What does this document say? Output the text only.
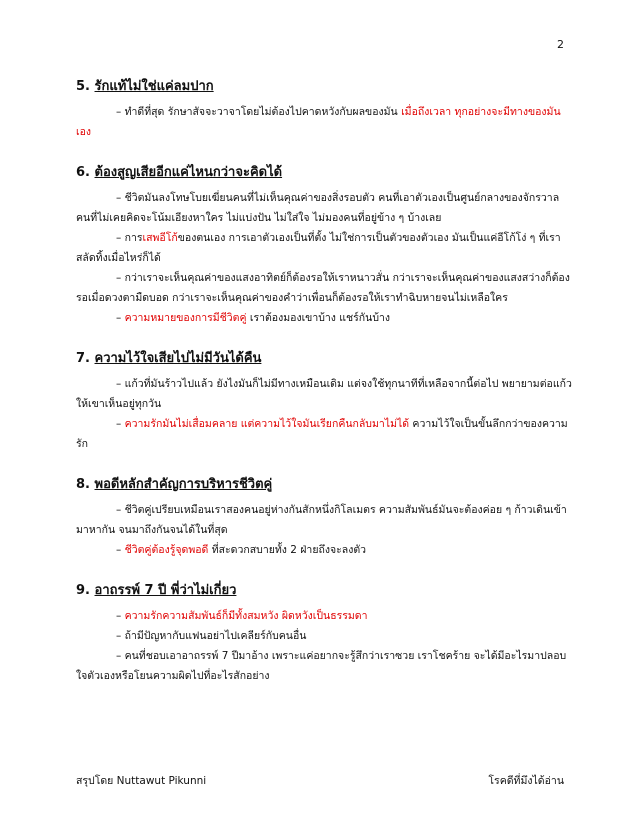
2
5. รักแท้ไม่ใช่แค่ลมปาก

– ทำดีที่สุด รักษาสัจจะวาจาโดยไม่ต้องไปคาดหวังกับผลของมัน เมื่อถึงเวลา ทุกอย่างจะมีทางของมันเอง

6. ต้องสูญเสียอีกแค่ไหนกว่าจะคิดได้

– ชีวิตมันลงโทษโบยเฆี่ยนคนที่ไม่เห็นคุณค่าของสิ่งรอบตัว คนที่เอาตัวเองเป็นศูนย์กลางของจักรวาล คนที่ไม่เคยคิดจะโน้มเอียงหาใคร ไม่แบ่งปัน ไม่ใส่ใจ ไม่มองคนที่อยู่ข้าง ๆ บ้างเลย

– การเสพอีโก้ของตนเอง การเอาตัวเองเป็นที่ตั้ง ไม่ใช่การเป็นตัวของตัวเอง มันเป็นแค่อีโก้โง่ ๆ ที่เราสลัดทิ้งเมื่อไหร่ก็ได้

– กว่าเราจะเห็นคุณค่าของแสงอาทิตย์ก็ต้องรอให้เราหนาวสั่น กว่าเราจะเห็นคุณค่าของแสงสว่างก็ต้องรอเมื่อดวงตามืดบอด กว่าเราจะเห็นคุณค่าของคำว่าเพื่อนก็ต้องรอให้เราทำฉิบหายจนไม่เหลือใคร

– ความหมายของการมีชีวิตคู่ เราต้องมองเขาบ้าง แชร์กันบ้าง

7. ความไว้ใจเสียไปไม่มีวันได้คืน

– แก้วที่มันร้าวไปแล้ว ยังไงมันก็ไม่มีทางเหมือนเดิม แต่จงใช้ทุกนาทีที่เหลือจากนี้ต่อไป พยายามต่อแก้วให้เขาเห็นอยู่ทุกวัน

– ความรักมันไม่เสื่อมคลาย แต่ความไว้ใจมันเรียกคืนกลับมาไม่ได้ ความไว้ใจเป็นขั้นลึกกว่าของความรัก

8. พอดีหลักสำคัญการบริหารชีวิตคู่

– ชีวิตคู่เปรียบเหมือนเราสองคนอยู่ห่างกันสักหนึ่งกิโลเมตร ความสัมพันธ์มันจะต้องค่อย ๆ ก้าวเดินเข้ามาหากัน จนมาถึงกันจนได้ในที่สุด

– ชีวิตคู่ต้องรู้จุดพอดี ที่สะดวกสบายทั้ง 2 ฝ่ายถึงจะลงตัว

9. อาถรรพ์ 7 ปี พี่ว่าไม่เกี่ยว

– ความรักความสัมพันธ์ก็มีทั้งสมหวัง ผิดหวังเป็นธรรมดา

– ถ้ามีปัญหากับแฟนอย่าไปเคลียร์กับคนอื่น

– คนที่ชอบเอาอาถรรพ์ 7 ปีมาอ้าง เพราะแค่อยากจะรู้สึกว่าเราซวย เราโชคร้าย จะได้มีอะไรมาปลอบใจตัวเองหรือโยนความผิดไปที่อะไรสักอย่าง

สรุปโดย Nuttawut Pikunni	โรคดีที่มึงได้อ่าน
